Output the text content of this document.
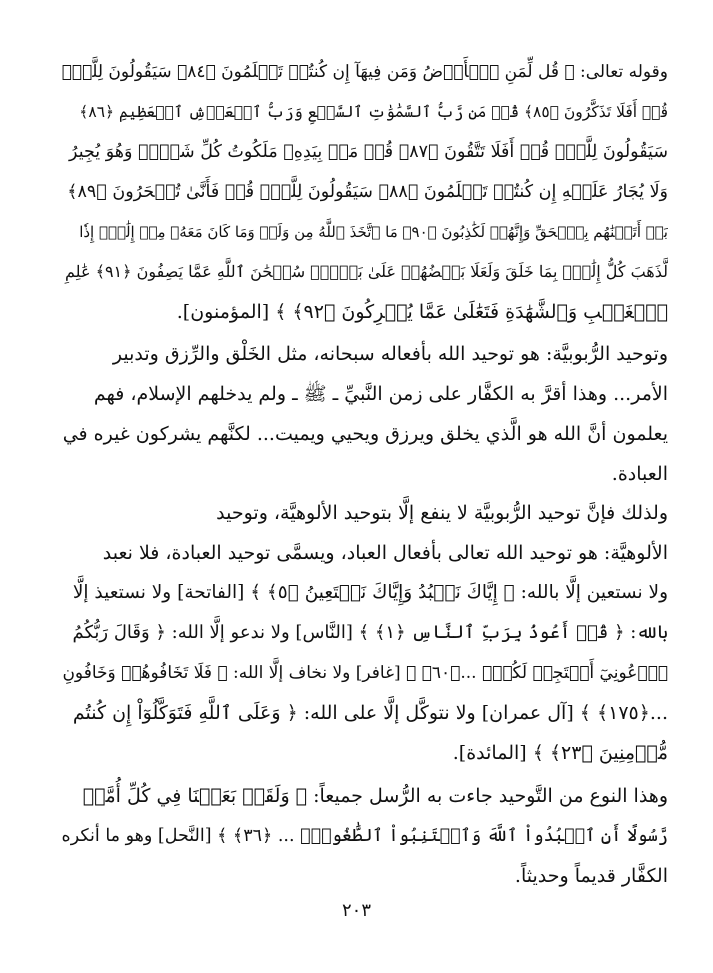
وقوله تعالى: ﴿ قُل لِّمَنِ ٱلۡأَرۡضُ وَمَن فِيهَآ إِن كُنتُمۡ تَعۡلَمُونَ ﴿٨٤﴾ سَيَقُولُونَ لِلَّهِۚ
قُلۡ أَفَلَا تَذَكَّرُونَ ﴿٨٥﴾ قُلۡ مَن رَّبُّ ٱلسَّمَٰوَٰتِ ٱلسَّبۡعِ وَرَبُّ ٱلۡعَرۡشِ ٱلۡعَظِيمِ ﴿٨٦﴾
سَيَقُولُونَ لِلَّهِۚ قُلۡ أَفَلَا تَتَّقُونَ ﴿٨٧﴾ قُلۡ مَنۢ بِيَدِهِۦ مَلَكُوتُ كُلِّ شَيۡءٖ وَهُوَ يُجِيرُ
وَلَا يُجَارُ عَلَيۡهِ إِن كُنتُمۡ تَعۡلَمُونَ ﴿٨٨﴾ سَيَقُولُونَ لِلَّهِۚ قُلۡ فَأَنَّىٰ تُسۡحَرُونَ ﴿٨٩﴾
بَلۡ أَتَيۡنَٰهُم بِٱلۡحَقِّ وَإِنَّهُمۡ لَكَٰذِبُونَ ﴿٩٠﴾ مَا ٱتَّخَذَ ٱللَّهُ مِن وَلَدٖ وَمَا كَانَ مَعَهُۥ مِنۡ إِلَٰهٍۚ إِذٗا
لَّذَهَبَ كُلُّ إِلَٰهِۭ بِمَا خَلَقَ وَلَعَلَا بَعۡضُهُمۡ عَلَىٰ بَعۡضٖۚ سُبۡحَٰنَ ٱللَّهِ عَمَّا يَصِفُونَ ﴿٩١﴾ عَٰلِمِ
ٱلۡغَيۡبِ وَٱلشَّهَٰدَةِ فَتَعَٰلَىٰ عَمَّا يُشۡرِكُونَ ﴿٩٢﴾ ﴾ [المؤمنون].
وتوحيد الرُّبوبيَّة: هو توحيد الله بأفعاله سبحانه، مثل الخَلْق والرِّزق وتدبير
الأمر... وهذا أقرَّ به الكفَّار على زمن النَّبيِّ ـ ﷺ ـ ولم يدخلهم الإسلام، فهم
يعلمون أنَّ الله هو الَّذي يخلق ويرزق ويحيي ويميت... لكنَّهم يشركون غيره في
العبادة.
ولذلك فإنَّ توحيد الرُّبوبيَّة لا ينفع إلَّا بتوحيد الألوهيَّة، وتوحيد
الألوهيَّة: هو توحيد الله تعالى بأفعال العباد، ويسمَّى توحيد العبادة، فلا نعبد
ولا نستعين إلَّا بالله: ﴿ إِيَّاكَ نَعۡبُدُ وَإِيَّاكَ نَسۡتَعِينُ ﴿٥﴾ ﴾ [الفاتحة] ولا نستعيذ إلَّا
بالله: ﴿ قُلۡ أَعُوذُ بِرَبِّ ٱلنَّاسِ ﴿١﴾ ﴾ [النَّاس] ولا ندعو إلَّا الله: ﴿ وَقَالَ رَبُّكُمُ
ٱدۡعُونِيٓ أَسۡتَجِبۡ لَكُمۡۚ ...﴿٦٠﴾ ﴾ [غافر] ولا نخاف إلَّا الله: ﴿ فَلَا تَخَافُوهُمۡ وَخَافُونِ
...﴿١٧٥﴾ ﴾ [آل عمران] ولا نتوكَّل إلَّا على الله: ﴿ وَعَلَى ٱللَّهِ فَتَوَكَّلُوٓاْ إِن كُنتُم
مُّؤۡمِنِينَ ﴿٢٣﴾ ﴾ [المائدة].
وهذا النوع من التَّوحيد جاءت به الرُّسل جميعاً: ﴿ وَلَقَدۡ بَعَثۡنَا فِي كُلِّ أُمَّةٖ
رَّسُولًا أَنِ ٱعۡبُدُواْ ٱللَّهَ وَٱجۡتَنِبُواْ ٱلطَّٰغُوتَۖ ... ﴿٣٦﴾ ﴾ [النَّحل] وهو ما أنكره
الكفَّار قديماً وحديثاً.
٢٠٣
